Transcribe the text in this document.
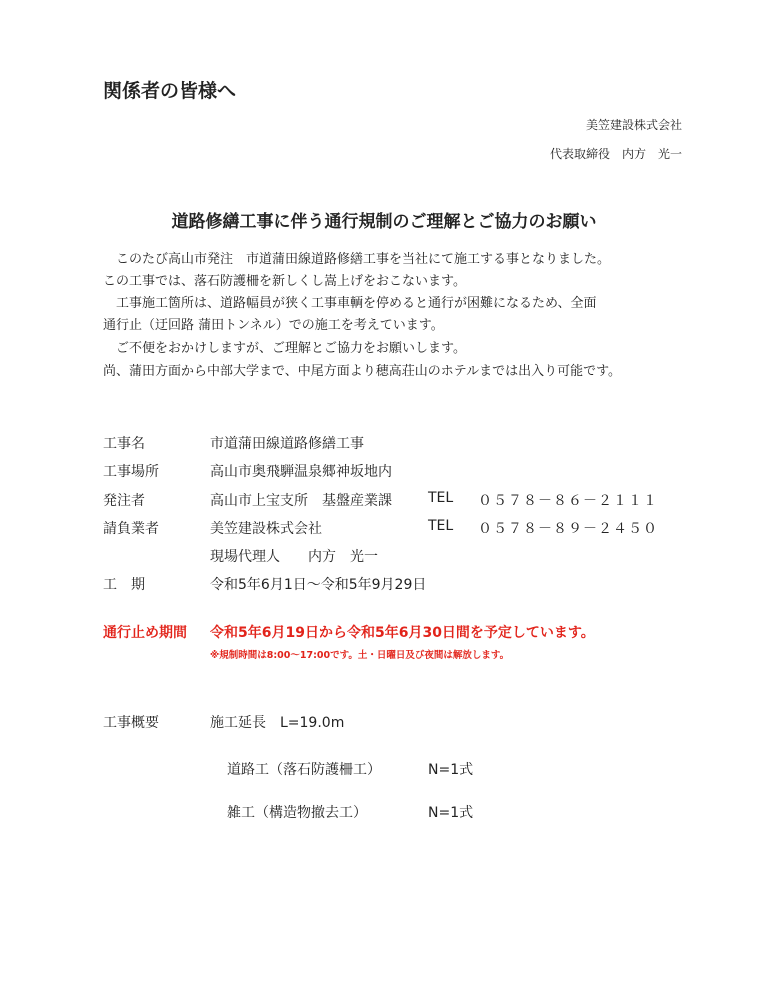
関係者の皆様へ
美笠建設株式会社
代表取締役　内方　光一
道路修繕工事に伴う通行規制のご理解とご協力のお願い
　このたび高山市発注　市道蒲田線道路修繕工事を当社にて施工する事となりました。
この工事では、落石防護柵を新しくし嵩上げをおこないます。
　工事施工箇所は、道路幅員が狭く工事車輌を停めると通行が困難になるため、全面
通行止（迂回路 蒲田トンネル）での施工を考えています。
　ご不便をおかけしますが、ご理解とご協力をお願いします。
尚、蒲田方面から中部大学まで、中尾方面より穂高荘山のホテルまでは出入り可能です。
工事名	市道蒲田線道路修繕工事
工事場所	高山市奥飛騨温泉郷神坂地内
発注者	高山市上宝支所　基盤産業課	TEL ０５７８－８６－２１１１
請負業者	美笠建設株式会社	TEL ０５７８－８９－２４５０
現場代理人　　内方　光一
工　期	令和5年6月1日～令和5年9月29日
通行止め期間 令和5年6月19日から令和5年6月30日間を予定しています。
※規制時間は8:00～17:00です。土・日曜日及び夜間は解放します。
工事概要	施工延長　L=19.0m
道路工（落石防護柵工）	N=1式
雑工（構造物撤去工）	N=1式
